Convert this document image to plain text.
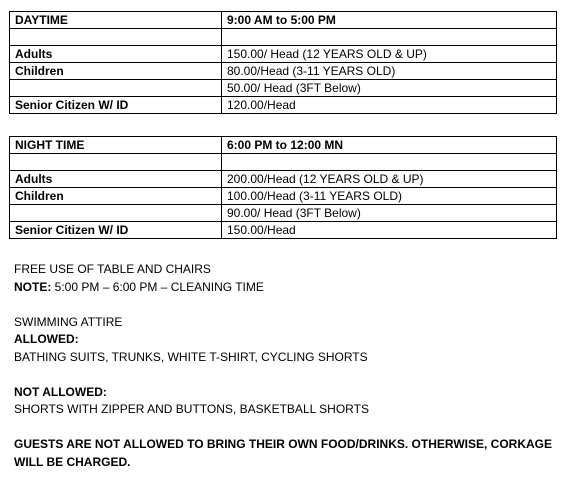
DAYTIME	9:00 AM to 5:00 PM

Adults	150.00/ Head (12 YEARS OLD & UP)
Children	80.00/Head (3-11 YEARS OLD)
	50.00/ Head (3FT Below)
Senior Citizen W/ ID	120.00/Head
NIGHT TIME	6:00 PM to 12:00 MN

Adults	200.00/Head (12 YEARS OLD & UP)
Children	100.00/Head (3-11 YEARS OLD)
	90.00/ Head (3FT Below)
Senior Citizen W/ ID	150.00/Head

FREE USE OF TABLE AND CHAIRS

NOTE: 5:00 PM – 6:00 PM – CLEANING TIME

SWIMMING ATTIRE

ALLOWED:

BATHING SUITS, TRUNKS, WHITE T-SHIRT, CYCLING SHORTS

NOT ALLOWED:

SHORTS WITH ZIPPER AND BUTTONS, BASKETBALL SHORTS

GUESTS ARE NOT ALLOWED TO BRING THEIR OWN FOOD/DRINKS. OTHERWISE, CORKAGE WILL BE CHARGED.
